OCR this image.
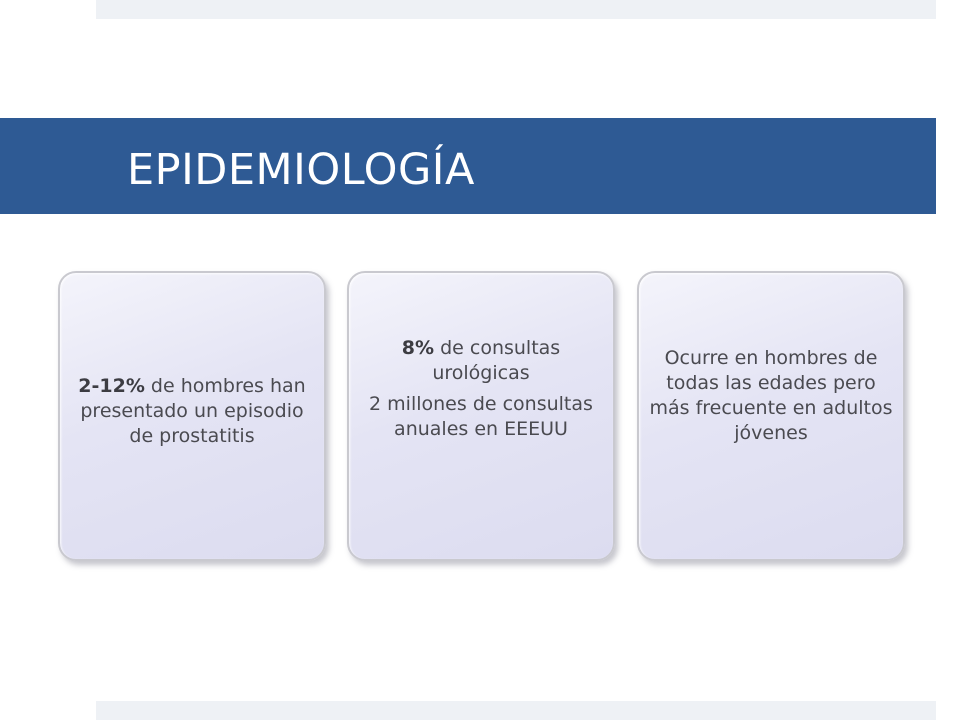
EPIDEMIOLOGÍA

2-12% de hombres han presentado un episodio de prostatitis

8% de consultas urológicas

2 millones de consultas anuales en EEEUU

Ocurre en hombres de todas las edades pero más frecuente en adultos jóvenes
